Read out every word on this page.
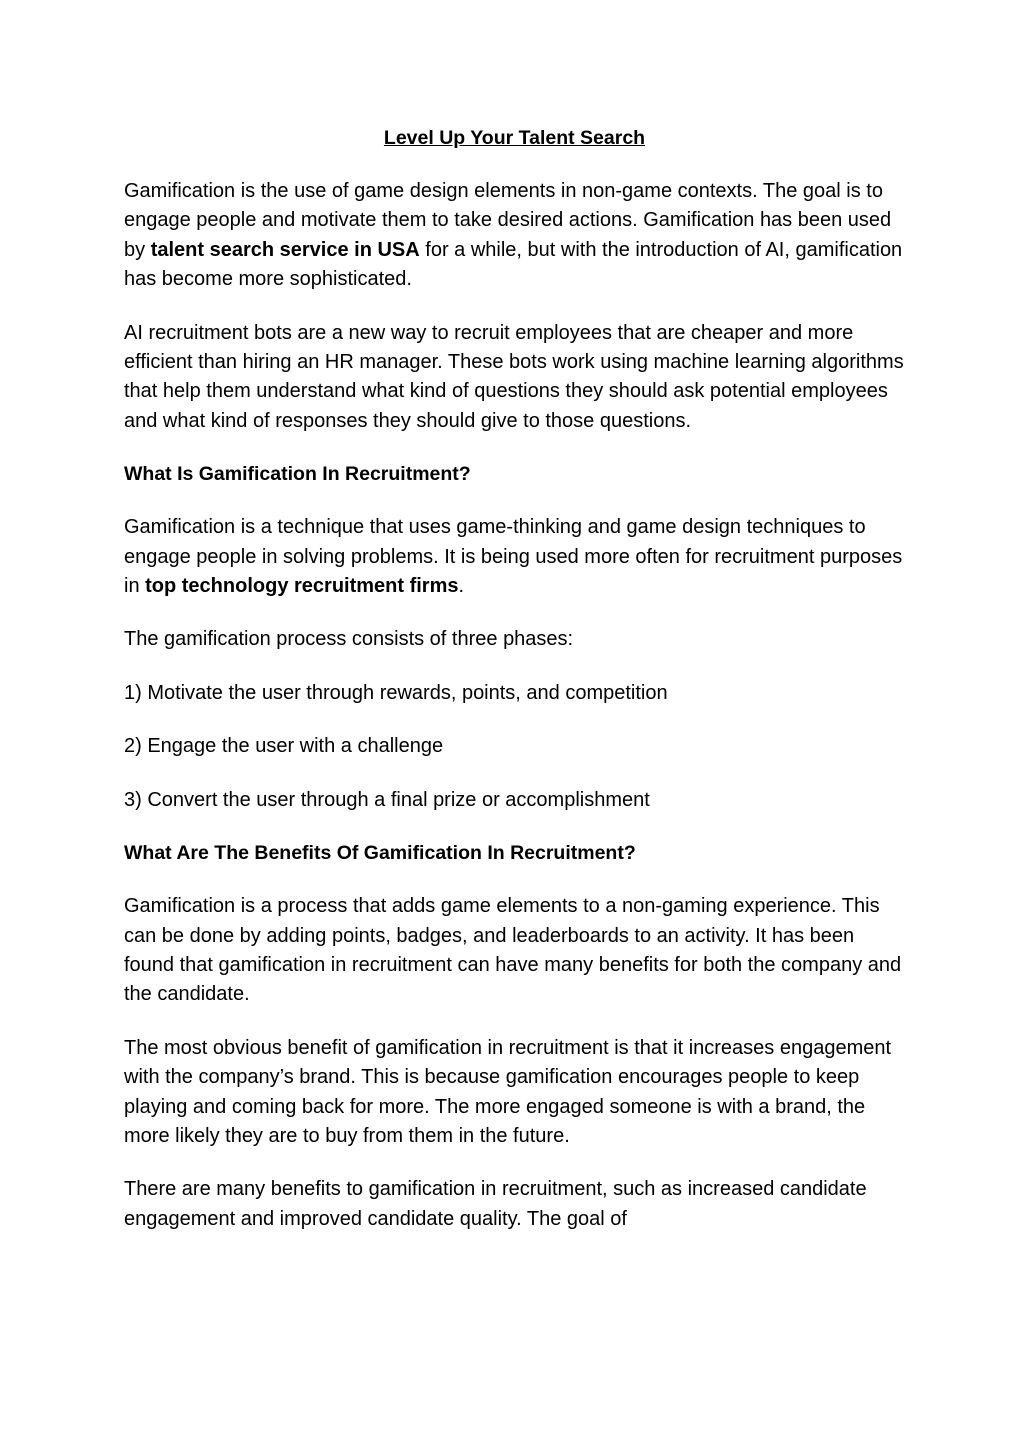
Level Up Your Talent Search
Gamification is the use of game design elements in non-game contexts. The goal is to engage people and motivate them to take desired actions. Gamification has been used by talent search service in USA for a while, but with the introduction of AI, gamification has become more sophisticated.
AI recruitment bots are a new way to recruit employees that are cheaper and more efficient than hiring an HR manager. These bots work using machine learning algorithms that help them understand what kind of questions they should ask potential employees and what kind of responses they should give to those questions.
What Is Gamification In Recruitment?
Gamification is a technique that uses game-thinking and game design techniques to engage people in solving problems. It is being used more often for recruitment purposes in top technology recruitment firms.
The gamification process consists of three phases:
1) Motivate the user through rewards, points, and competition
2) Engage the user with a challenge
3) Convert the user through a final prize or accomplishment
What Are The Benefits Of Gamification In Recruitment?
Gamification is a process that adds game elements to a non-gaming experience. This can be done by adding points, badges, and leaderboards to an activity. It has been found that gamification in recruitment can have many benefits for both the company and the candidate.
The most obvious benefit of gamification in recruitment is that it increases engagement with the company’s brand. This is because gamification encourages people to keep playing and coming back for more. The more engaged someone is with a brand, the more likely they are to buy from them in the future.
There are many benefits to gamification in recruitment, such as increased candidate engagement and improved candidate quality. The goal of
